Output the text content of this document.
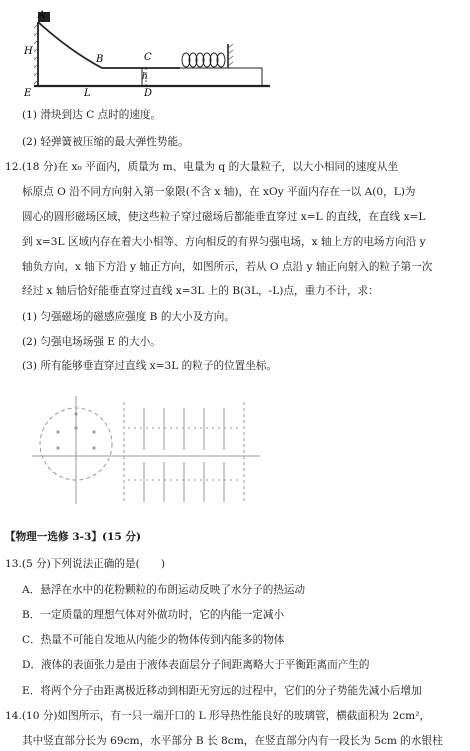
A
H
B	C
h
E	L	D
(1) 滑块到达 C 点时的速度。
(2) 轻弹簧被压缩的最大弹性势能。
12.(18 分)在 x₀ 平面内，质量为 m、电量为 q 的大量粒子，以大小相同的速度从坐
标原点 O 沿不同方向射入第一象限(不含 x 轴)，在 xOy 平面内存在一以 A(0，L)为
圆心的圆形磁场区域，使这些粒子穿过磁场后都能垂直穿过 x=L 的直线，在直线 x=L
到 x=3L 区域内存在着大小相等、方向相反的有界匀强电场，x 轴上方的电场方向沿 y
轴负方向，x 轴下方沿 y 轴正方向，如图所示，若从 O 点沿 y 轴正向射入的粒子第一次
经过 x 轴后恰好能垂直穿过直线 x=3L 上的 B(3L，-L)点，重力不计，求：
(1) 匀强磁场的磁感应强度 B 的大小及方向。
(2) 匀强电场场强 E 的大小。
(3) 所有能够垂直穿过直线 x=3L 的粒子的位置坐标。
【物理一选修 3-3】(15 分)
13.(5 分)下列说法正确的是(　　)
A．悬浮在水中的花粉颗粒的布朗运动反映了水分子的热运动
B．一定质量的理想气体对外做功时，它的内能一定减小
C．热量不可能自发地从内能少的物体传到内能多的物体
D．液体的表面张力是由于液体表面层分子间距离略大于平衡距离而产生的
E．将两个分子由距离极近移动到相距无穷远的过程中，它们的分子势能先减小后增加
14.(10 分)如图所示，有一只一端开口的 L 形导热性能良好的玻璃管，横截面积为 2cm²，
其中竖直部分长为 69cm，水平部分 B 长 8cm，在竖直部分内有一段长为 5cm 的水银柱
